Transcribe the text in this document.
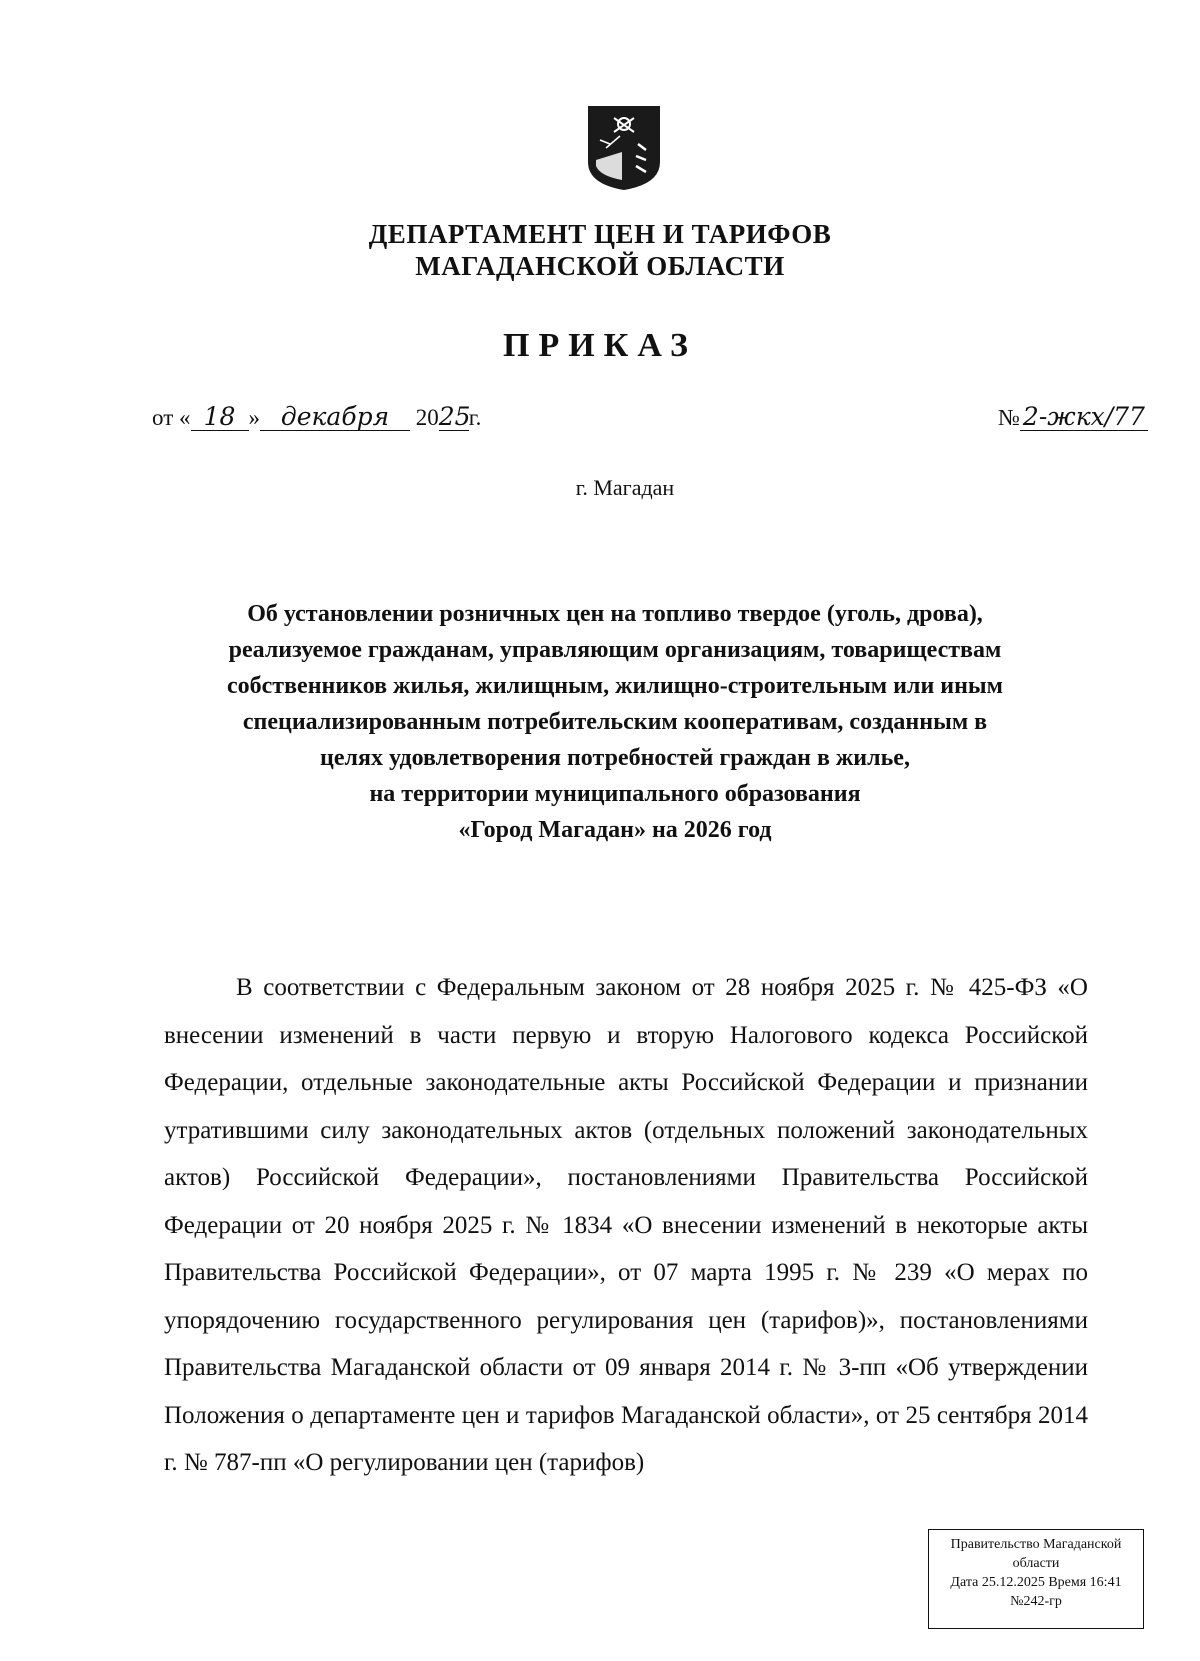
ДЕПАРТАМЕНТ ЦЕН И ТАРИФОВ
МАГАДАНСКОЙ ОБЛАСТИ
ПРИКАЗ
от « 18 » декабря 2025г.	№ 2-жкх/77
г. Магадан
Об установлении розничных цен на топливо твердое (уголь, дрова),
реализуемое гражданам, управляющим организациям, товариществам
собственников жилья, жилищным, жилищно-строительным или иным
специализированным потребительским кооперативам, созданным в
целях удовлетворения потребностей граждан в жилье,
на территории муниципального образования
«Город Магадан» на 2026 год

В соответствии с Федеральным законом от 28 ноября 2025 г. № 425-ФЗ «О внесении изменений в части первую и вторую Налогового кодекса Российской Федерации, отдельные законодательные акты Российской Федерации и признании утратившими силу законодательных актов (отдельных положений законодательных актов) Российской Федерации», постановлениями Правительства Российской Федерации от 20 ноября 2025 г. № 1834 «О внесении изменений в некоторые акты Правительства Российской Федерации», от 07 марта 1995 г. № 239 «О мерах по упорядочению государственного регулирования цен (тарифов)», постановлениями Правительства Магаданской области от 09 января 2014 г. № 3-пп «Об утверждении Положения о департаменте цен и тарифов Магаданской области», от 25 сентября 2014 г. № 787-пп «О регулировании цен (тарифов)

Правительство Магаданской
области
Дата 25.12.2025 Время 16:41
№242-гр
